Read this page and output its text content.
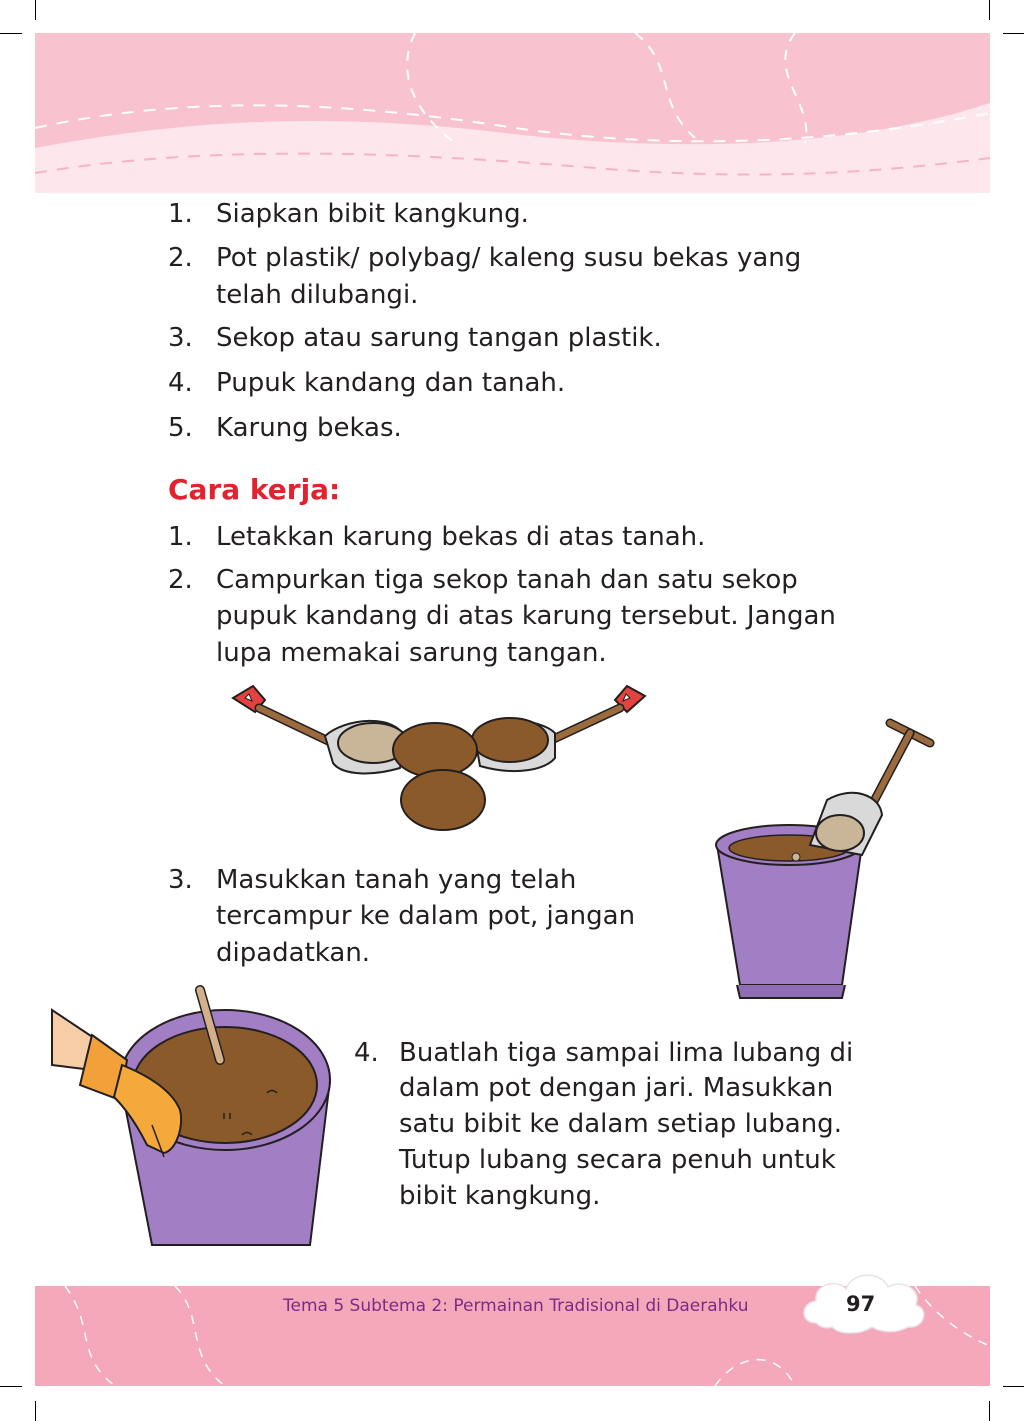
1. Siapkan bibit kangkung.
2. Pot plastik/ polybag/ kaleng susu bekas yang
telah dilubangi.
3. Sekop atau sarung tangan plastik.
4. Pupuk kandang dan tanah.
5. Karung bekas.
Cara kerja:
1. Letakkan karung bekas di atas tanah.
2. Campurkan tiga sekop tanah dan satu sekop
pupuk kandang di atas karung tersebut. Jangan
lupa memakai sarung tangan.
3. Masukkan tanah yang telah
tercampur ke dalam pot, jangan
dipadatkan.
4. Buatlah tiga sampai lima lubang di
dalam pot dengan jari. Masukkan
satu bibit ke dalam setiap lubang.
Tutup lubang secara penuh untuk
bibit kangkung.
Tema 5 Subtema 2: Permainan Tradisional di Daerahku	97
